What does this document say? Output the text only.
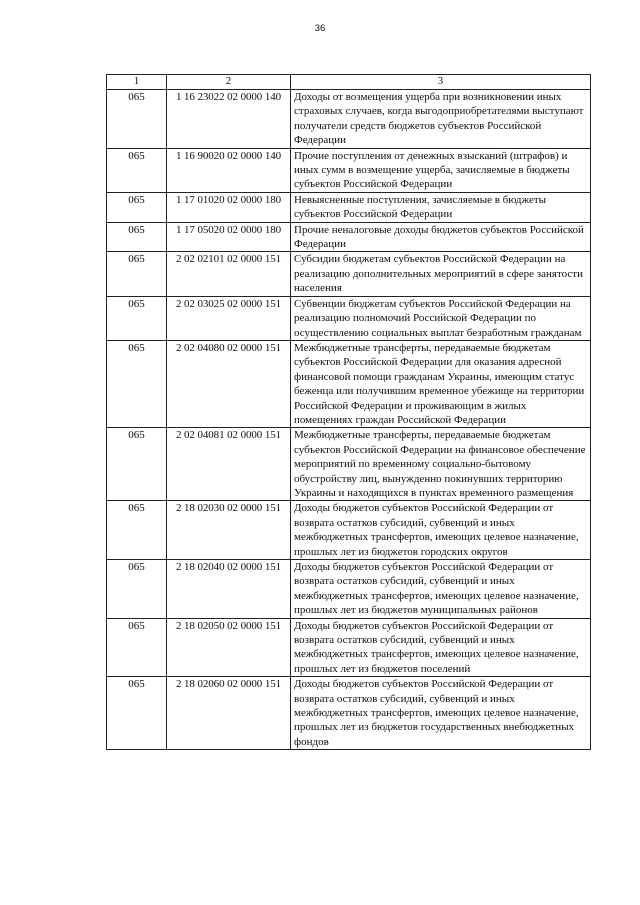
36
1	2	3
065	1 16 23022 02 0000 140	Доходы от возмещения ущерба при возникновении иных страховых случаев, когда выгодоприобретателями выступают получатели средств бюджетов субъектов Российской Федерации
065	1 16 90020 02 0000 140	Прочие поступления от денежных взысканий (штрафов) и иных сумм в возмещение ущерба, зачисляемые в бюджеты субъектов Российской Федерации
065	1 17 01020 02 0000 180	Невыясненные поступления, зачисляемые в бюджеты субъектов Российской Федерации
065	1 17 05020 02 0000 180	Прочие неналоговые доходы бюджетов субъектов Российской Федерации
065	2 02 02101 02 0000 151	Субсидии бюджетам субъектов Российской Федерации на реализацию дополнительных мероприятий в сфере занятости населения
065	2 02 03025 02 0000 151	Субвенции бюджетам субъектов Российской Федерации на реализацию полномочий Российской Федерации по осуществлению социальных выплат безработным гражданам
065	2 02 04080 02 0000 151	Межбюджетные трансферты, передаваемые бюджетам субъектов Российской Федерации для оказания адресной финансовой помощи гражданам Украины, имеющим статус беженца или получившим временное убежище на территории Российской Федерации и проживающим в жилых помещениях граждан Российской Федерации
065	2 02 04081 02 0000 151	Межбюджетные трансферты, передаваемые бюджетам субъектов Российской Федерации на финансовое обеспечение мероприятий по временному социально-бытовому обустройству лиц, вынужденно покинувших территорию Украины и находящихся в пунктах временного размещения
065	2 18 02030 02 0000 151	Доходы бюджетов субъектов Российской Федерации от возврата остатков субсидий, субвенций и иных межбюджетных трансфертов, имеющих целевое назначение, прошлых лет из бюджетов городских округов
065	2 18 02040 02 0000 151	Доходы бюджетов субъектов Российской Федерации от возврата остатков субсидий, субвенций и иных межбюджетных трансфертов, имеющих целевое назначение, прошлых лет из бюджетов муниципальных районов
065	2 18 02050 02 0000 151	Доходы бюджетов субъектов Российской Федерации от возврата остатков субсидий, субвенций и иных межбюджетных трансфертов, имеющих целевое назначение, прошлых лет из бюджетов поселений
065	2 18 02060 02 0000 151	Доходы бюджетов субъектов Российской Федерации от возврата остатков субсидий, субвенций и иных межбюджетных трансфертов, имеющих целевое назначение, прошлых лет из бюджетов государственных внебюджетных фондов
